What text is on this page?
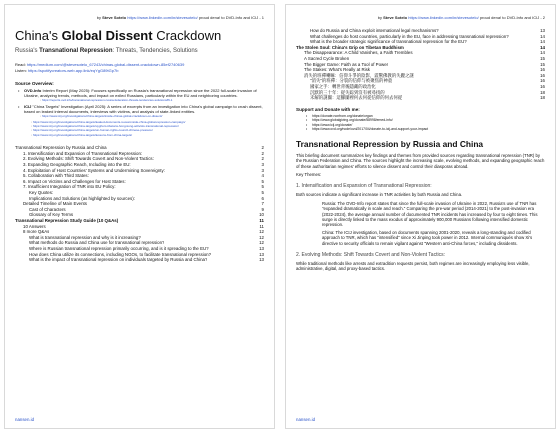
by Steve Sotelo https://www.linkedin.com/in/stevesotelo/ proud dena! to DVD-Info and ICIJ - 1
China's Global Dissent Crackdown
Russia's Transnational Repression: Threats, Tendencies, Solutions
Read: https://medium.com/@stevesotelo_67243/chinas-global-dissent-crackdown-85ef2740639
Listen: https://spotifycreators-web.app.link/eqYgG89tGp7b
Source Overview:
• OVD-Info Interim Report (May 2025): Focuses specifically on Russia's transnational repression since the 2022 full-scale invasion of Ukraine, analyzing trends, methods, and impact on exiled Russians, particularly within the EU and neighboring countries.
◦ https://reports.ovd.info/transnational-repression-russia-federation-threats-tendencies-solutions#ft-1
• ICIJ "China Targets" Investigation (April 2025): A series of excerpts from an investigation into China's global campaign to crush dissent, based on leaked internal documents, interviews with victims, and analysis of state-linked entities.
◦ https://www.icij.org/investigations/china-targets/inside-chinas-global-crackdown-on-dissent/
◦ https://www.icij.org/investigations/china-targets/leaked-documents-reveal-inside-china-global-repression-campaign/
◦ https://www.icij.org/investigations/china-targets/uyghurs-tibetans-hong-kong-activists-transnational-repression/
◦ https://www.icij.org/investigations/china-targets/un-human-rights-council-chinese-pressure/
◦ https://www.icij.org/investigations/china-targets/lessons-from-china-targets/
Transnational Repression by Russia and China	2
1. Intensification and Expansion of Transnational Repression:	2
2. Evolving Methods: Shift Towards Covert and Non-Violent Tactics:	2
3. Expanding Geographic Reach, Including into the EU:	3
4. Exploitation of Host Countries' Systems and Undermining Sovereignty:	3
5. Collaboration with Third States:	4
6. Impact on Victims and Challenges for Host States:	5
7. Insufficient Integration of TNR into EU Policy:	5
Key Quotes:	5
Implications and Solutions (as highlighted by sources):	6
Detailed Timeline of Main Events	7
Cast of Characters	9
Glossary of Key Terms	10
Transnational Repression Study Guide (10 Q&As)	11
10 Answers	11
8 more Q&As	12
What is transnational repression and why is it increasing?	12
What methods do Russia and China use for transnational repression?	12
Where is Russian transnational repression primarily occurring, and is it spreading to the EU?	13
How does China utilize its connections, including NGOs, to facilitate transnational repression?	13
What is the impact of transnational repression on individuals targeted by Russia and China?	13
nansen.id
by Steve Sotelo https://www.linkedin.com/in/stevesotelo/ proud dena! to DVD-Info and ICIJ - 2
How do Russia and China exploit international legal mechanisms?	13
What challenges do host countries, particularly in the EU, face in addressing transnational repression?	14
What is the broader strategic significance of transnational repression for the EU?	14
The Stolen Soul: China's Grip on Tibetan Buddhism	14
The Disappearance: A Child Vanishes, a Faith Trembles	14
A Sacred Cycle Broken	15
The Bigger Game: Faith as a Tool of Power	15
The Stakes: What's Really at Risk	16
消失的班禪喇嘛：信仰斗爭的陰影，震驚佛教的失蹤之謎	16
"消失"的班禪：分裂的信仰与被聚焦的神童	16
國家之手：轉世背後隱藏的政治化	16
沉默的三十年：從失踪到沒有被尋找的	18
未解的謎團：這腳團裡何去何從信仰的何去何從	18
Support and Donate with me:
• https://donate.nonfrom.org/donate/organ
• https://www.globalgiving.org/donate/58998/emed-info/
• https://www.icij.org/donate/
• https://www.ovd.org/node/ovd/2017/04/donate-to-icij-and-support-your-impact
Transnational Repression by Russia and China
This briefing document summarizes key findings and themes from provided sources regarding transnational repression (TNR) by the Russian Federation and China. The sources highlight the increasing scale, evolving methods, and expanding geographic reach of these authoritarian regimes' efforts to silence dissent and control their diasporas abroad.
Key Themes:
1. Intensification and Expansion of Transnational Repression:
Both sources indicate a significant increase in TNR activities by both Russia and China.
Russia: The OVD-Info report states that since the full-scale invasion of Ukraine in 2022, Russia's use of TNR has "expanded dramatically in scale and reach." Comparing the pre-war period (2014-2021) to the post-invasion era (2022-2024), the average annual number of documented TNR incidents has increased by four to eight times. This surge is directly linked to the mass exodus of approximately 900,000 Russians following intensified domestic repression.
China: The ICIJ investigation, based on documents spanning 2001-2020, reveals a long-standing and codified approach to TNR, which has "intensified" since Xi Jinping took power in 2012. Internal communiqués show Xi's directive to security officials to remain vigilant against "Western anti-China forces," including dissidents.
2. Evolving Methods: Shift Towards Covert and Non-Violent Tactics:
While traditional methods like arrests and extradition requests persist, both regimes are increasingly employing less visible, administrative, digital, and proxy-based tactics.
nansen.id
